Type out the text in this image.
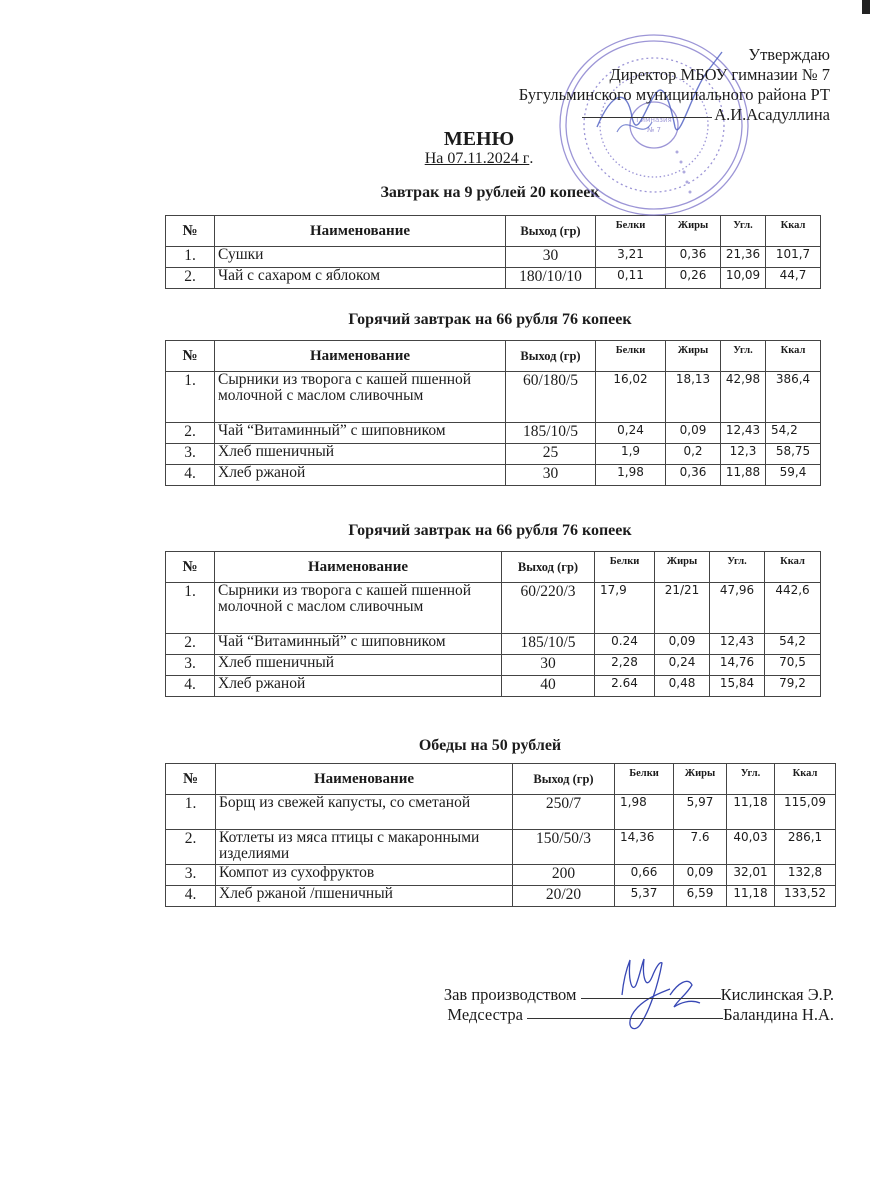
Гимназия
№ 7
Утверждаю
Директор МБОУ гимназии № 7
Бугульминского муниципального района РТ
А.И.Асадуллина
МЕНЮ
На 07.11.2024 г.
Завтрак на 9 рублей 20 копеек
№	Наименование	Выход (гр)	Белки	Жиры	Угл.	Ккал
1.	Сушки	30	3,21	0,36	21,36	101,7
2.	Чай с сахаром с яблоком	180/10/10	0,11	0,26	10,09	44,7
Горячий завтрак на 66 рубля 76 копеек
№	Наименование	Выход (гр)	Белки	Жиры	Угл.	Ккал
1.	Сырники из творога с кашей пшенной молочной с маслом сливочным	60/180/5	16,02	18,13	42,98	386,4
2.	Чай “Витаминный” с шиповником	185/10/5	0,24	0,09	12,43	54,2
3.	Хлеб пшеничный	25	1,9	0,2	12,3	58,75
4.	Хлеб ржаной	30	1,98	0,36	11,88	59,4
Горячий завтрак на 66 рубля 76 копеек
№	Наименование	Выход (гр)	Белки	Жиры	Угл.	Ккал
1.	Сырники из творога с кашей пшенной молочной с маслом сливочным	60/220/3	17,9	21/21	47,96	442,6
2.	Чай “Витаминный” с шиповником	185/10/5	0.24	0,09	12,43	54,2
3.	Хлеб пшеничный	30	2,28	0,24	14,76	70,5
4.	Хлеб ржаной	40	2.64	0,48	15,84	79,2
Обеды на 50 рублей
№	Наименование	Выход (гр)	Белки	Жиры	Угл.	Ккал
1.	Борщ из свежей капусты, со сметаной	250/7	1,98	5,97	11,18	115,09
2.	Котлеты из мяса птицы с макаронными изделиями	150/50/3	14,36	7.6	40,03	286,1
3.	Компот из сухофруктов	200	0,66	0,09	32,01	132,8
4.	Хлеб ржаной /пшеничный	20/20	5,37	6,59	11,18	133,52
Зав производством	Кислинская Э.Р.
Медсестра	Баландина Н.А.
